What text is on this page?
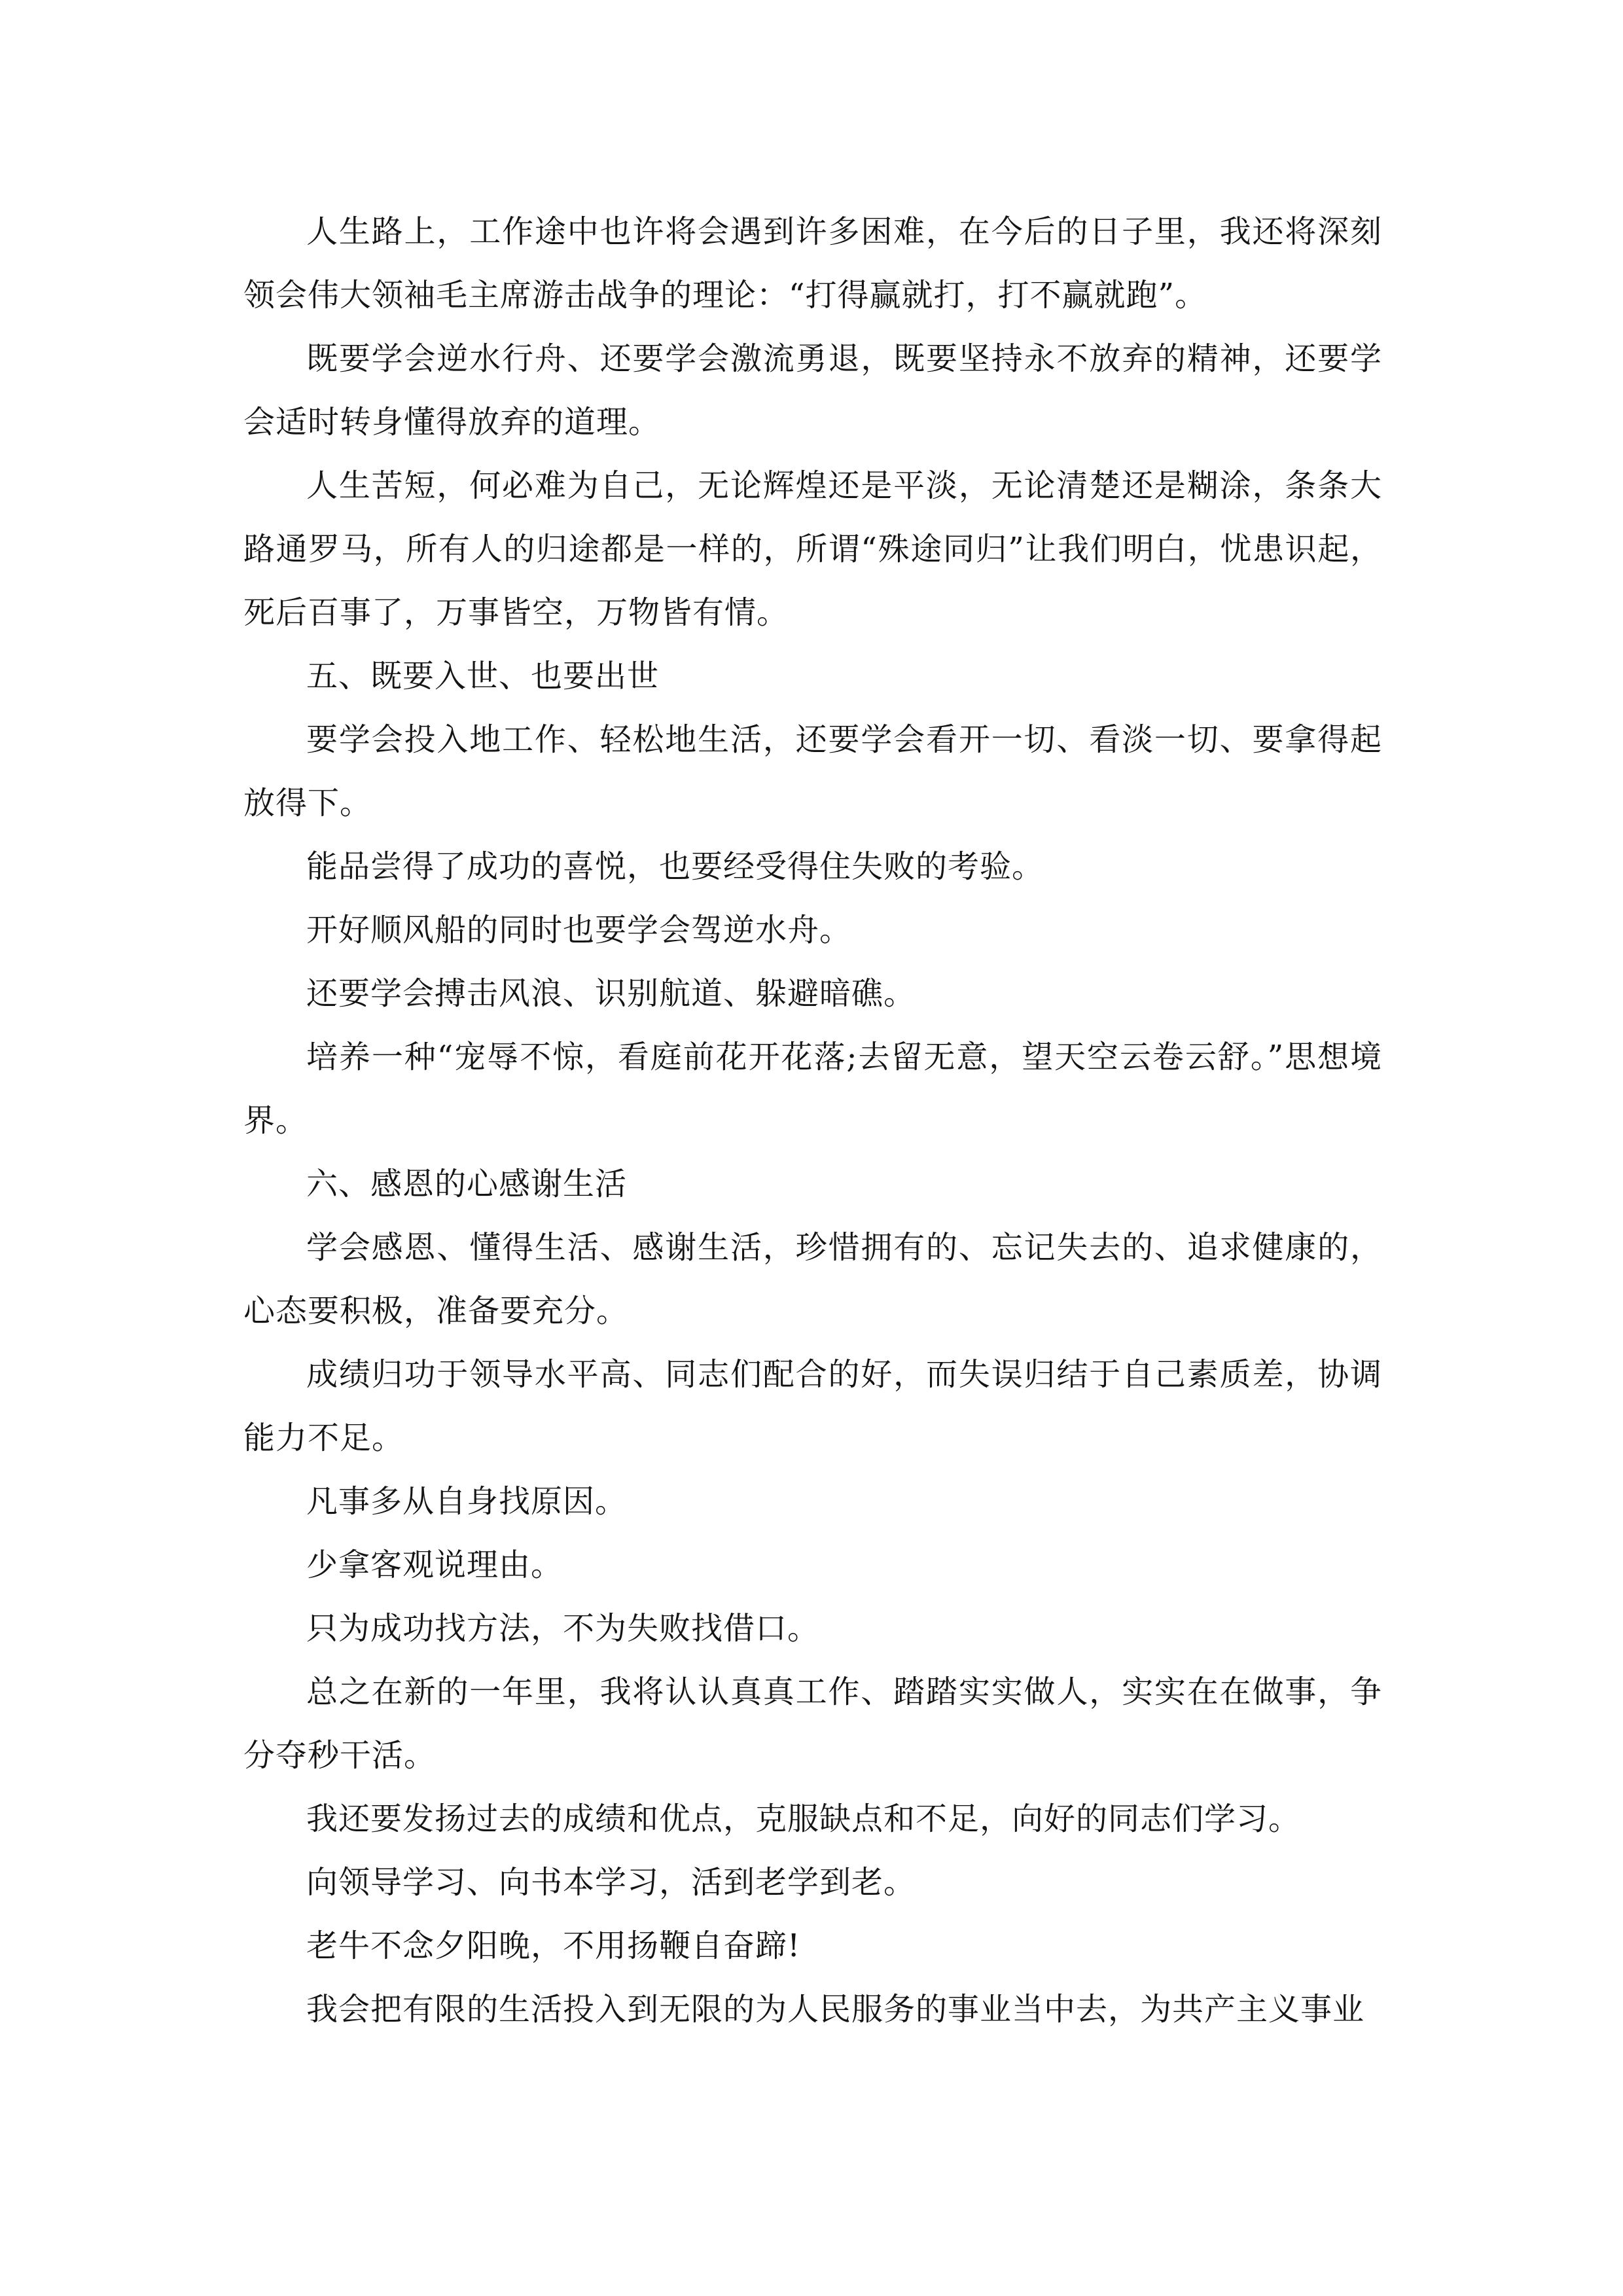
人生路上，工作途中也许将会遇到许多困难，在今后的日子里，我还将深刻领会伟大领袖毛主席游击战争的理论：“打得赢就打，打不赢就跑”。

既要学会逆水行舟、还要学会激流勇退，既要坚持永不放弃的精神，还要学会适时转身懂得放弃的道理。

人生苦短，何必难为自己，无论辉煌还是平淡，无论清楚还是糊涂，条条大路通罗马，所有人的归途都是一样的，所谓“殊途同归”让我们明白，忧患识起，死后百事了，万事皆空，万物皆有情。

五、既要入世、也要出世

要学会投入地工作、轻松地生活，还要学会看开一切、看淡一切、要拿得起放得下。

能品尝得了成功的喜悦，也要经受得住失败的考验。

开好顺风船的同时也要学会驾逆水舟。

还要学会搏击风浪、识别航道、躲避暗礁。

培养一种“宠辱不惊，看庭前花开花落;去留无意，望天空云卷云舒。”思想境界。

六、感恩的心感谢生活

学会感恩、懂得生活、感谢生活，珍惜拥有的、忘记失去的、追求健康的，心态要积极，准备要充分。

成绩归功于领导水平高、同志们配合的好，而失误归结于自己素质差，协调能力不足。

凡事多从自身找原因。

少拿客观说理由。

只为成功找方法，不为失败找借口。

总之在新的一年里，我将认认真真工作、踏踏实实做人，实实在在做事，争分夺秒干活。

我还要发扬过去的成绩和优点，克服缺点和不足，向好的同志们学习。

向领导学习、向书本学习，活到老学到老。

老牛不念夕阳晚，不用扬鞭自奋蹄!

我会把有限的生活投入到无限的为人民服务的事业当中去，为共产主义事业
